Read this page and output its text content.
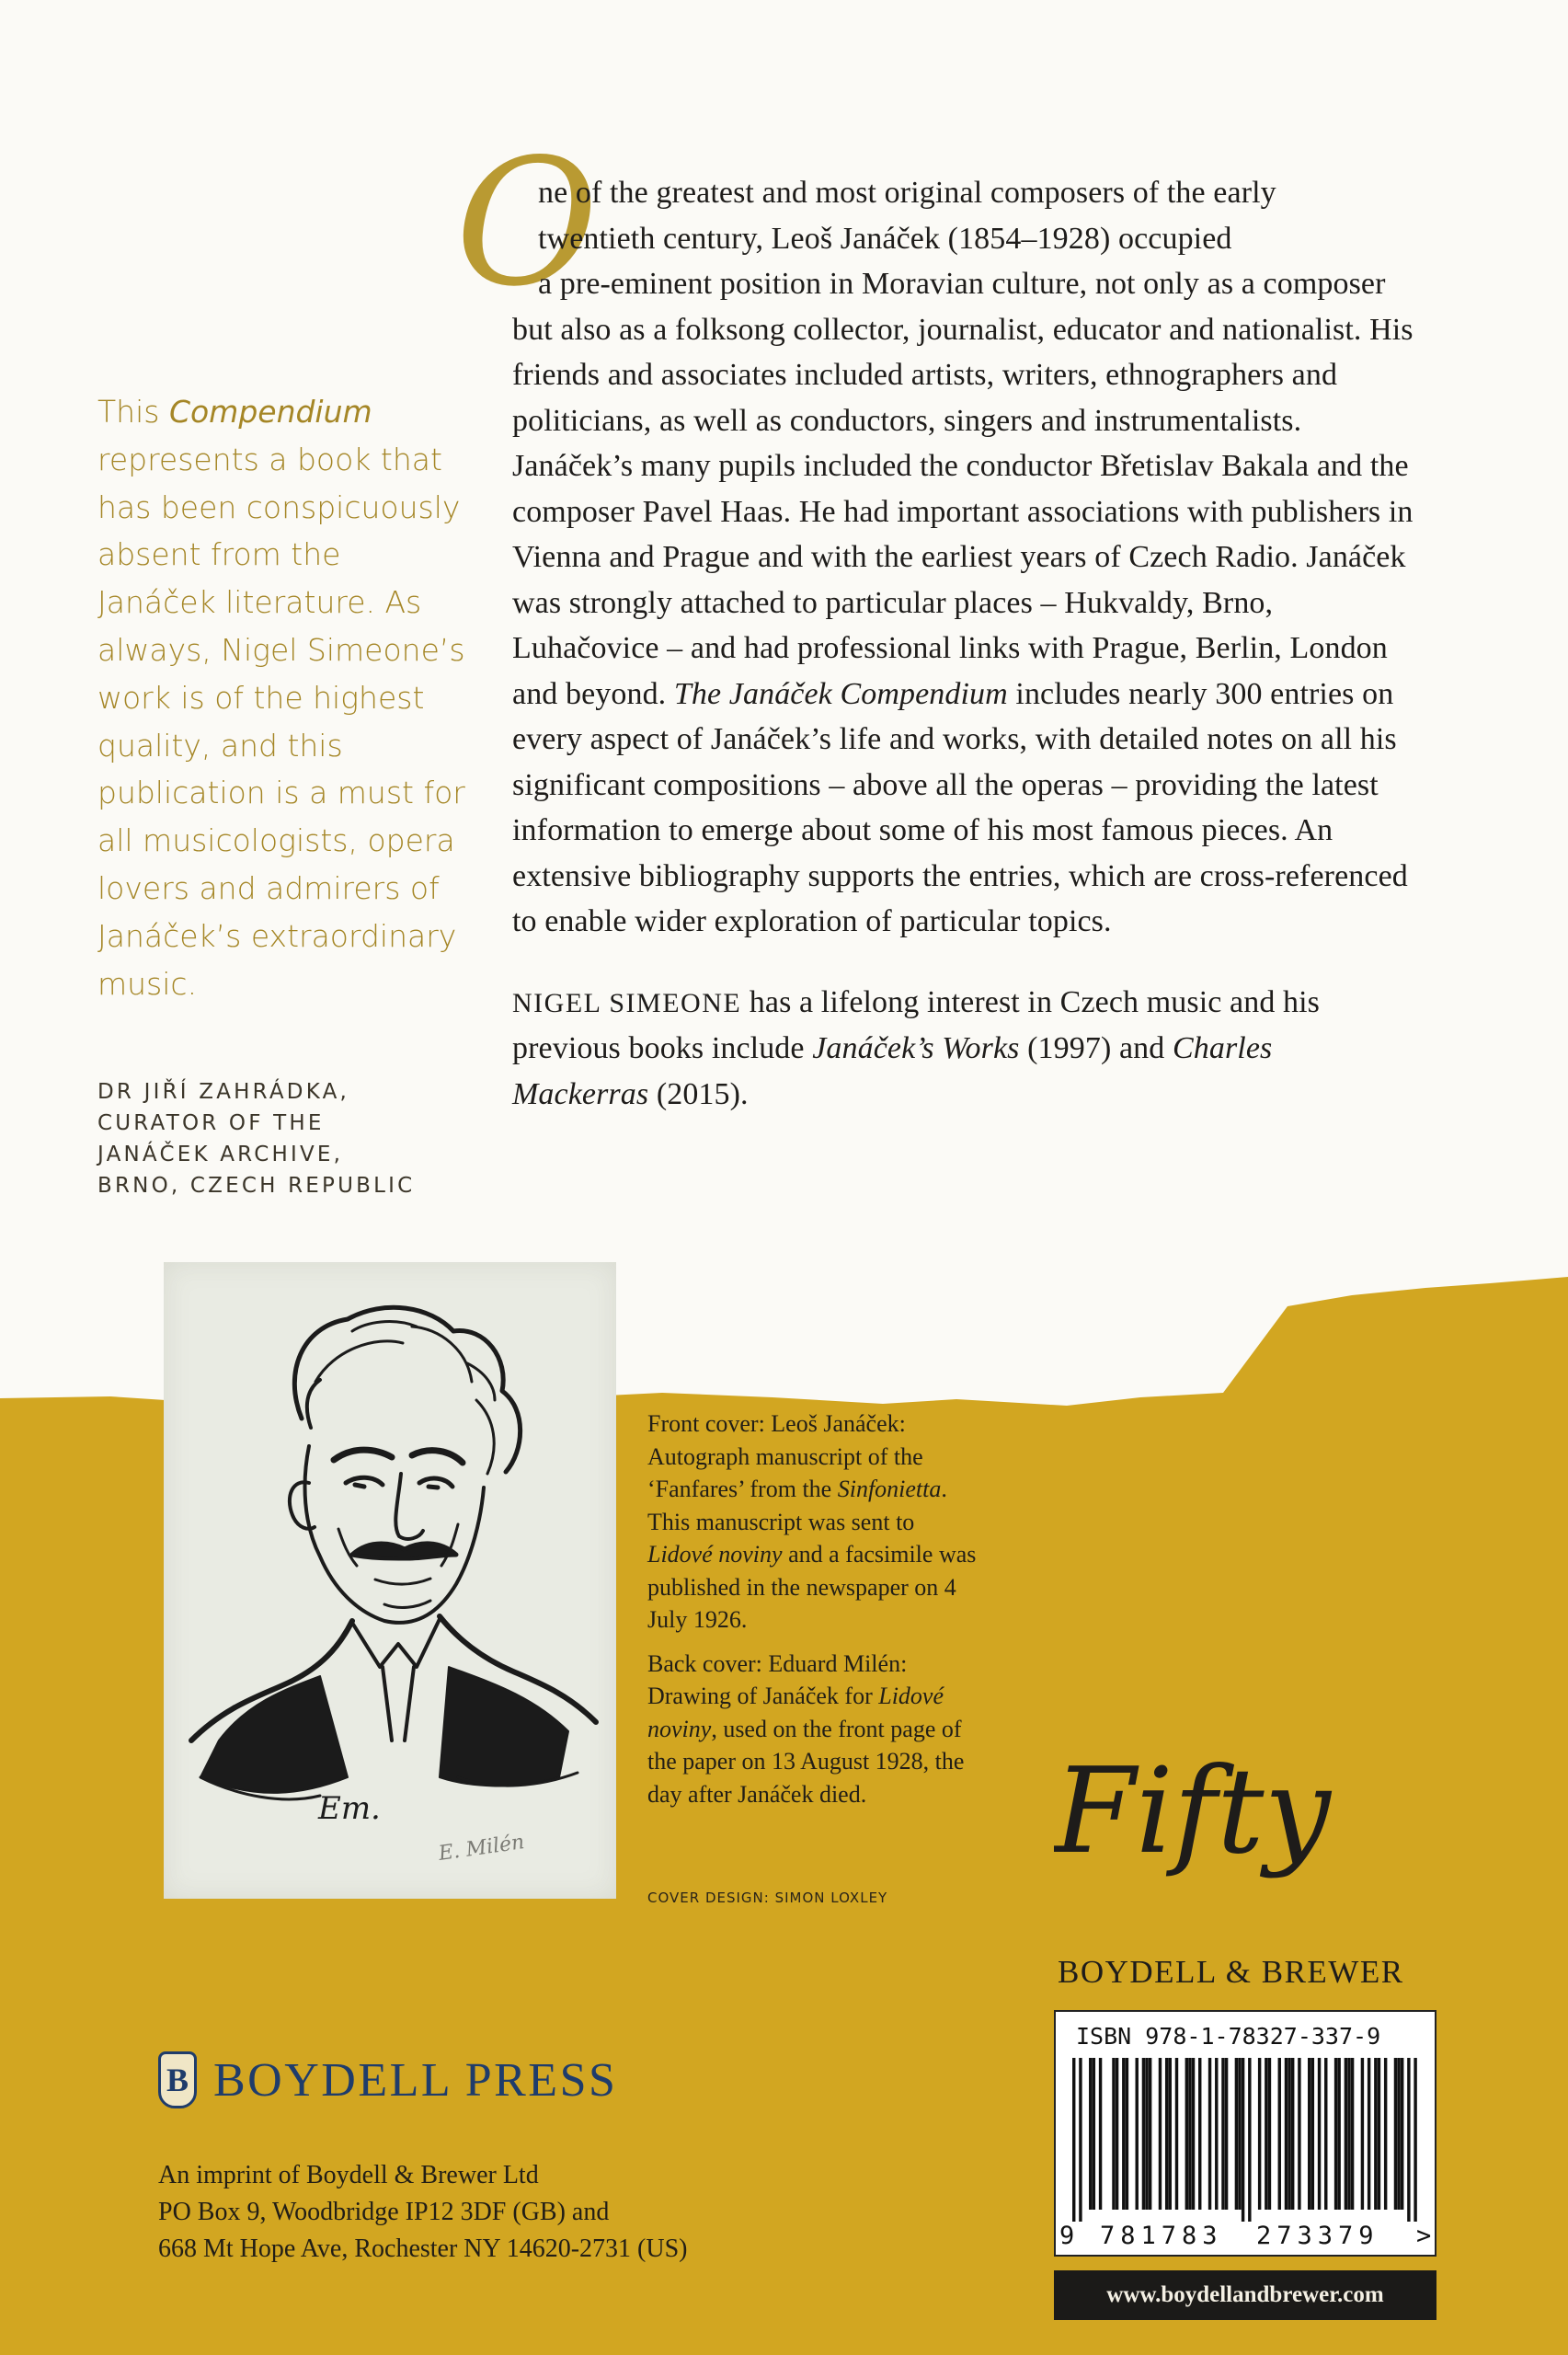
O

ne of the greatest and most original composers of the early
twentieth century, Leoš Janáček (1854–1928) occupied
a pre-eminent position in Moravian culture, not only as a composer but also as a folksong collector, journalist, educator and nationalist. His friends and associates included artists, writers, ethnographers and politicians, as well as conductors, singers and instrumentalists. Janáček’s many pupils included the conductor Břetislav Bakala and the composer Pavel Haas. He had important associations with publishers in Vienna and Prague and with the earliest years of Czech Radio. Janáček was strongly attached to particular places – Hukvaldy, Brno, Luhačovice – and had professional links with Prague, Berlin, London and beyond. The Janáček Compendium includes nearly 300 entries on every aspect of Janáček’s life and works, with detailed notes on all his significant compositions – above all the operas – providing the latest information to emerge about some of his most famous pieces. An extensive bibliography supports the entries, which are cross-referenced to enable wider exploration of particular topics.

NIGEL SIMEONE has a lifelong interest in Czech music and his previous books include Janáček’s Works (1997) and Charles Mackerras (2015).

This Compendium represents a book that has been conspicuously absent from the Janáček literature. As always, Nigel Simeone’s work is of the highest quality, and this publication is a must for all musicologists, opera lovers and admirers of Janáček’s extraordinary music.
DR JIŘÍ ZAHRÁDKA,
CURATOR OF THE
JANÁČEK ARCHIVE,
BRNO, CZECH REPUBLIC
Em.
E. Milén

Front cover: Leoš Janáček: Autograph manuscript of the ‘Fanfares’ from the Sinfonietta. This manuscript was sent to Lidové noviny and a facsimile was published in the newspaper on 4 July 1926.

Back cover: Eduard Milén: Drawing of Janáček for Lidové noviny, used on the front page of the paper on 13 August 1928, the day after Janáček died.

COVER DESIGN: SIMON LOXLEY
B BOYDELL PRESS
An imprint of Boydell & Brewer Ltd
PO Box 9, Woodbridge IP12 3DF (GB) and
668 Mt Hope Ave, Rochester NY 14620-2731 (US)
Fifty
BOYDELL & BREWER
ISBN 978-1-78327-337-9
9 781783 273379 >
www.boydellandbrewer.com
